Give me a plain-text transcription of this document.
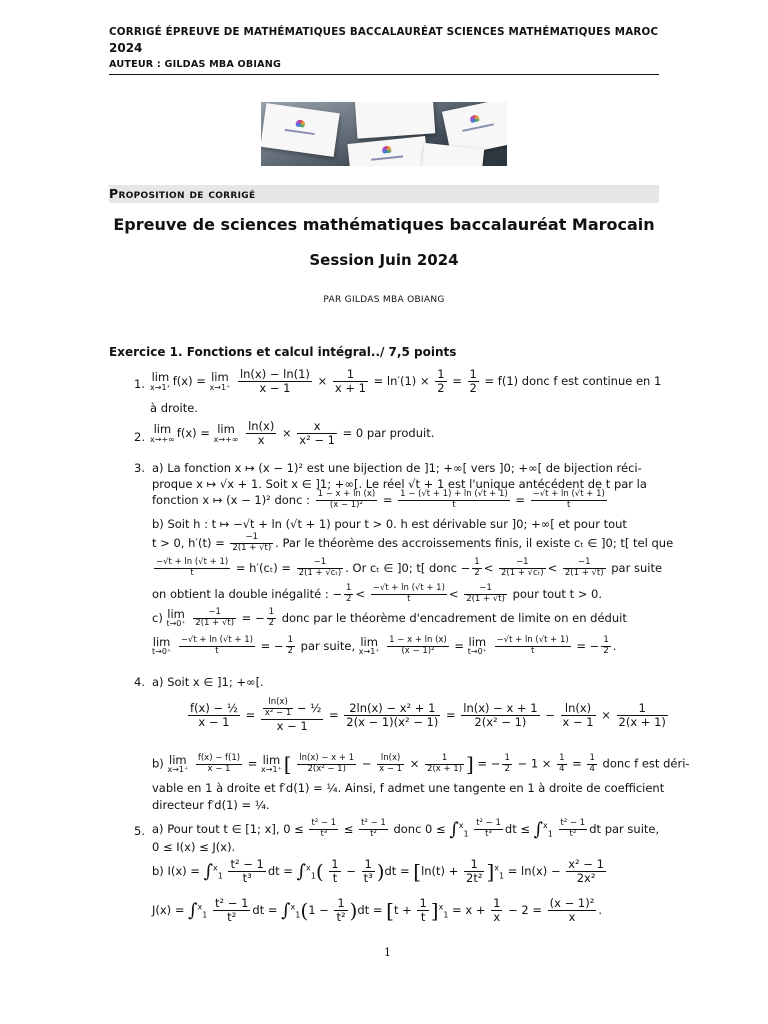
CORRIGÉ ÉPREUVE DE MATHÉMATIQUES BACCALAURÉAT SCIENCES MATHÉMATIQUES MAROC
2024
AUTEUR : GILDAS MBA OBIANG
Proposition de corrigé
Epreuve de sciences mathématiques baccalauréat Marocain
Session Juin 2024
PAR GILDAS MBA OBIANG
Exercice 1. Fonctions et calcul intégral../ 7,5 points
1. lim
x→1⁺ f(x) = lim
x→1⁺
$\frac{\ln(x) - \ln(1)}{x - 1} \times \frac{1}{x + 1} = \ln'(1) \times \frac{1}{2} = \frac{1}{2} = f(1)$ donc f est continue en 1
à droite.
2.
lim
x→+∞ f(x) = lim
x→+∞
$\frac{\ln(x)}{x} \times \frac{x}{\text{x² − 1}} = 0$ par produit.
3. a) La fonction x ↦ (x − 1)² est une bijection de ]1; +∞[ vers ]0; +∞[ de bijection réci-
proque x ↦ √x + 1. Soit x ∈ ]1; +∞[. Le réel √t + 1 est l'unique antécédent de t par la
fonction x ↦ (x − 1)² donc : $\frac{1 - x + \ln (x)}{\text{(x − 1)²}} = \frac{1 - (√t + 1) + \ln (√t + 1)}{t} = \frac{-√t + \ln (√t + 1)}{t}$
b) Soit h : t ↦ −√t + ln (√t + 1) pour t > 0. h est dérivable sur ]0; +∞[ et pour tout
t > 0, $h'(t) = \frac{-1}{2(1 + √t)}$ . Par le théorème des accroissements finis, il existe cₜ ∈ ]0; t[ tel que
$\frac{-√t + \ln (√t + 1)}{t} = h'(c_t) = \frac{-1}{\text{2(1 + √cₜ)}}$ . Or cₜ ∈ ]0; t[ donc − $\frac{1}{2} < \frac{-1}{\text{2(1 + √cₜ)}} < \frac{-1}{2(1 + √t)}$ par suite
on obtient la double inégalité : − $\frac{1}{2} < \frac{-√t + \ln (√t + 1)}{t} < \frac{-1}{2(1 + √t)}$ pour tout t > 0.
c) lim
t→0⁺
$\frac{-1}{2(1 + √t)}$ = − $\frac{1}{2}$ donc par le théorème d'encadrement de limite on en déduit
lim
t→0⁺
$\frac{-√t + \ln (√t + 1)}{t}$ = − $\frac{1}{2}$ par suite, lim
x→1⁺
$\frac{1 - x + \ln (x)}{\text{(x − 1)²}} = \lim$
t→0⁺
$\frac{-√t + \ln (√t + 1)}{t}$ = − $\frac{1}{2}$ .
4. a) Soit x ∈ ]1; +∞[.
$\frac{\text{f(x) − ½}}{x - 1} = \frac{\frac{\ln(x)}{\text{x² − 1}} - \frac{1}{2}}{x - 1} = \frac{\text{2ln(x) − x² + 1}}{\text{2(x − 1)(x² − 1)}} = \frac{\ln(x) - x + 1}{\text{2(x² − 1)}} - \frac{\ln(x)}{x - 1} \times \frac{1}{2(x + 1)}$
b) lim
x→1⁺
$\frac{f(x) - f(1)}{x - 1} = \lim$
x→1⁺ [ $\frac{\ln(x) - x + 1}{\text{2(x² − 1)}} - \frac{\ln(x)}{x - 1} \times \frac{1}{2(x + 1)}$ ] = − $\frac{1}{2} - 1 \times \frac{1}{4} = \frac{1}{4}$ donc f est déri-
vable en 1 à droite et f′d(1) = ¼. Ainsi, f admet une tangente en 1 à droite de coefficient
directeur f′d(1) = ¼.
5. a) Pour tout t ∈ [1; x], $0 \le \frac{\text{t² − 1}}{\text{t³}} \le \frac{\text{t² − 1}}{\text{t²}}$ donc $0 \le \int^x_1 \frac{\text{t² − 1}}{\text{t³}}$ dt ≤ $\int^x_1 \frac{\text{t² − 1}}{\text{t²}}$ dt par suite,
0 ≤ I(x) ≤ J(x).
b) $I(x) = \int^x_1 \frac{\text{t² − 1}}{\text{t³}}$ dt = $\int^x_1( \frac{1}{t} - \frac{1}{\text{t³}} )dt = [\ln(t) + \frac{1}{\text{2t²}} ]^x_1 = \ln(x) - \frac{\text{x² − 1}}{\text{2x²}}$
$J(x) = \int^x_1 \frac{\text{t² − 1}}{\text{t²}}$ dt = $\int^x_1(1 - \frac{1}{\text{t²}} )dt = [t + \frac{1}{t} ]^x_1 = x + \frac{1}{x} - 2 = \frac{\text{(x − 1)²}}{x}$ .
1
